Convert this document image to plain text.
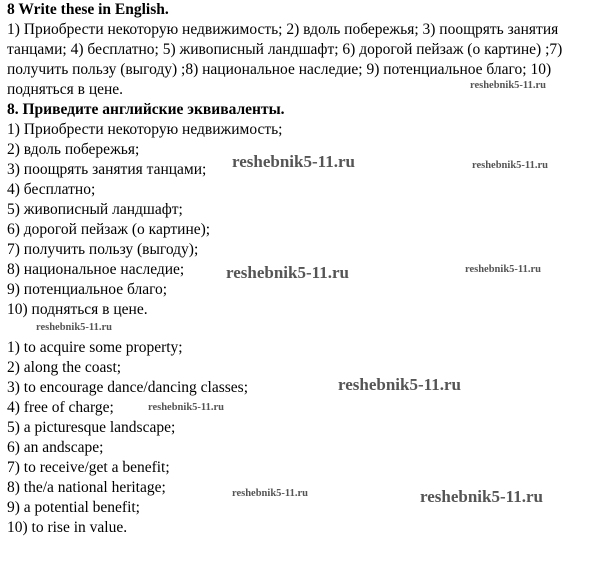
8 Write these in English.

1) Приобрести некоторую недвижимость; 2) вдоль побережья; 3) поощрять занятия танцами; 4) бесплатно; 5) живописный ландшафт; 6) дорогой пейзаж (о картине) ;7) получить пользу (выгоду) ;8) национальное наследие; 9) потенциальное благо; 10) подняться в цене.

8. Приведите английские эквиваленты.

1) Приобрести некоторую недвижимость;
2) вдоль побережья;
3) поощрять занятия танцами;
4) бесплатно;
5) живописный ландшафт;
6) дорогой пейзаж (о картине);
7) получить пользу (выгоду);
8) национальное наследие;
9) потенциальное благо;
10) подняться в цене.
1) to acquire some property;
2) along the coast;
3) to encourage dance/dancing classes;
4) free of charge;
5) a picturesque landscape;
6) an andscape;
7) to receive/get a benefit;
8) the/a national heritage;
9) a potential benefit;
10) to rise in value.
reshebnik5-11.ru
reshebnik5-11.ru	reshebnik5-11.ru
reshebnik5-11.ru	reshebnik5-11.ru
reshebnik5-11.ru
reshebnik5-11.ru
reshebnik5-11.ru
reshebnik5-11.ru	reshebnik5-11.ru
